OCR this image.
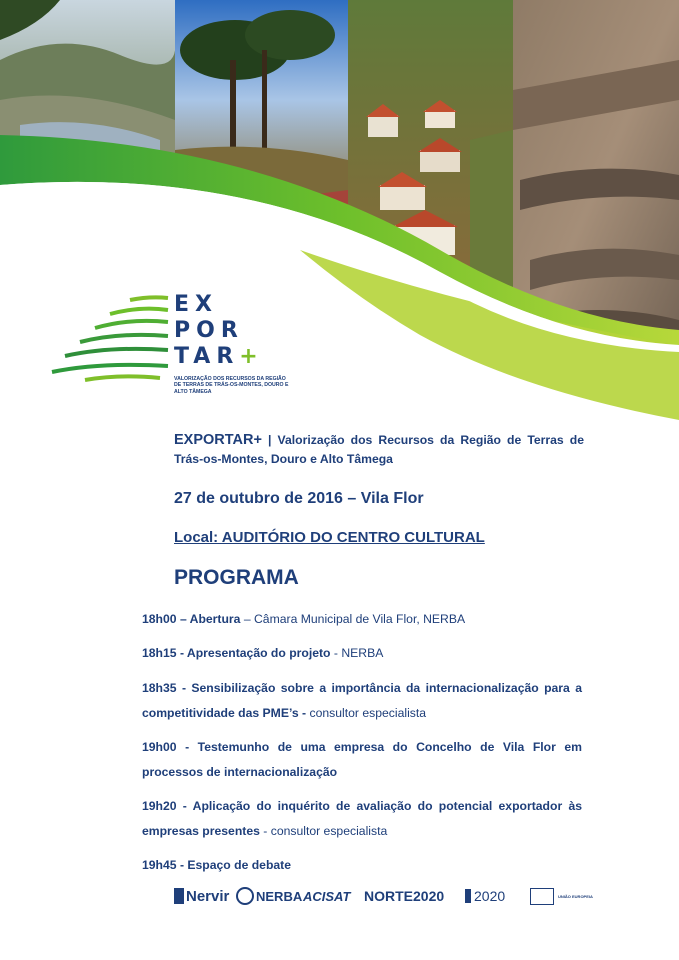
EX
POR
TAR+
VALORIZAÇÃO DOS RECURSOS DA REGIÃO DE TERRAS DE TRÁS-OS-MONTES, DOURO E ALTO TÂMEGA
EXPORTAR+ | Valorização dos Recursos da Região de Terras de Trás-os-Montes, Douro e Alto Tâmega
27 de outubro de 2016 – Vila Flor
Local: AUDITÓRIO DO CENTRO CULTURAL
PROGRAMA
18h00 – Abertura – Câmara Municipal de Vila Flor, NERBA
18h15 - Apresentação do projeto - NERBA
18h35 - Sensibilização sobre a importância da internacionalização para a competitividade das PME’s - consultor especialista
19h00 - Testemunho de uma empresa do Concelho de Vila Flor em processos de internacionalização
19h20 - Aplicação do inquérito de avaliação do potencial exportador às empresas presentes - consultor especialista
19h45 - Espaço de debate
Nervir NERBA ACISAT NORTE2020 2020	UNIÃO EUROPEIA
